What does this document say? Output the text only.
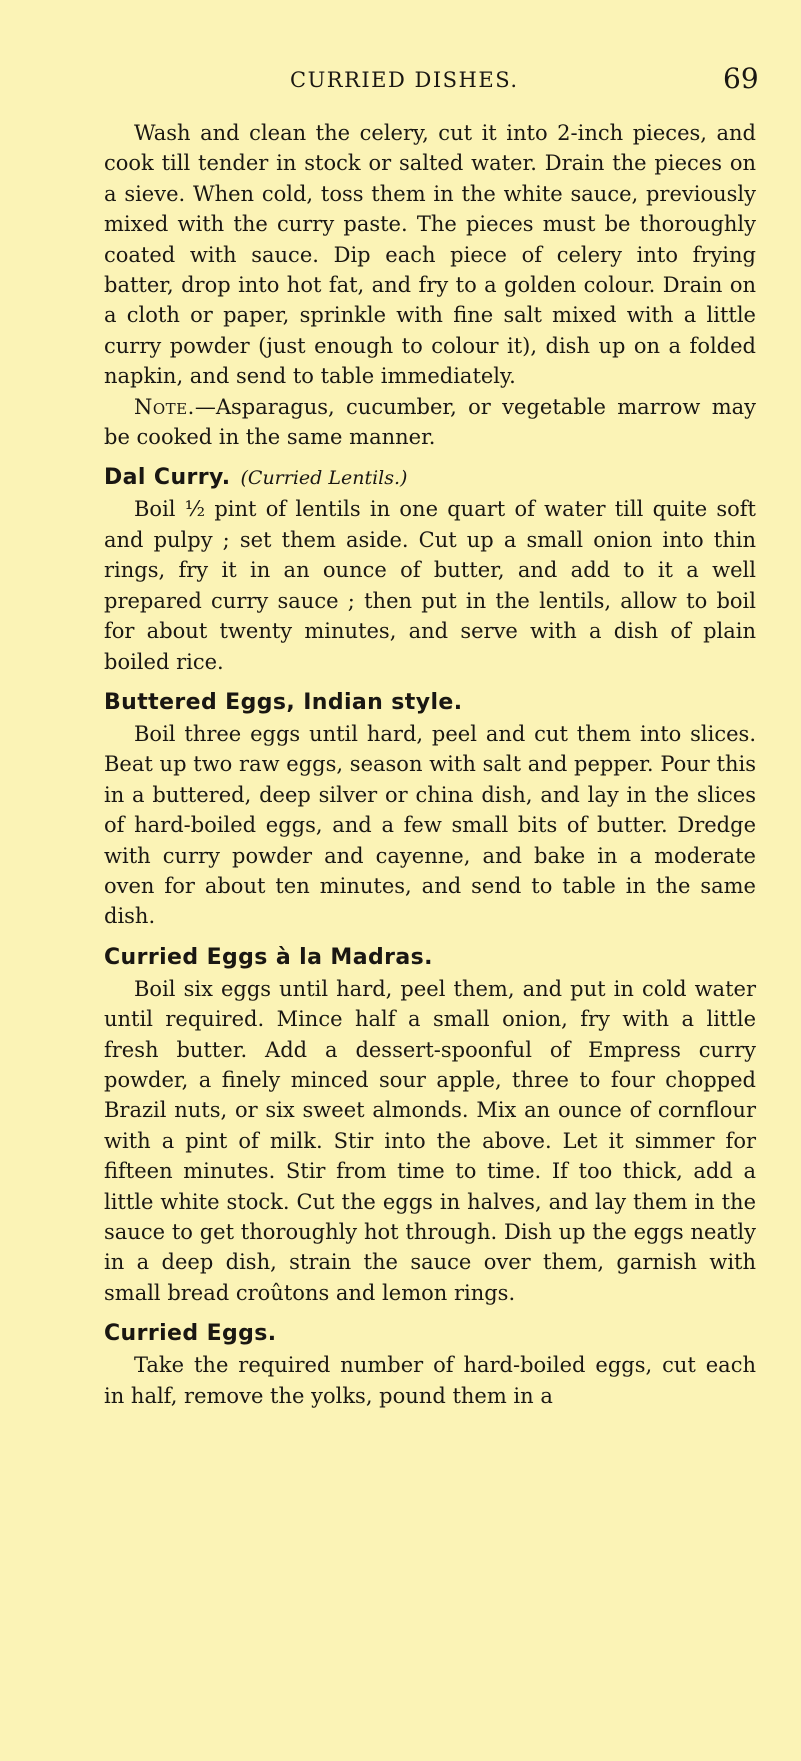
CURRIED DISHES.	69

Wash and clean the celery, cut it into 2-inch pieces, and cook till tender in stock or salted water. Drain the pieces on a sieve. When cold, toss them in the white sauce, previously mixed with the curry paste. The pieces must be thoroughly coated with sauce. Dip each piece of celery into frying batter, drop into hot fat, and fry to a golden colour. Drain on a cloth or paper, sprinkle with fine salt mixed with a little curry powder (just enough to colour it), dish up on a folded napkin, and send to table immediately.

Note.—Asparagus, cucumber, or vegetable marrow may be cooked in the same manner.

Dal Curry. (Curried Lentils.)

Boil ½ pint of lentils in one quart of water till quite soft and pulpy ; set them aside. Cut up a small onion into thin rings, fry it in an ounce of butter, and add to it a well prepared curry sauce ; then put in the lentils, allow to boil for about twenty minutes, and serve with a dish of plain boiled rice.

Buttered Eggs, Indian style.

Boil three eggs until hard, peel and cut them into slices. Beat up two raw eggs, season with salt and pepper. Pour this in a buttered, deep silver or china dish, and lay in the slices of hard-boiled eggs, and a few small bits of butter. Dredge with curry powder and cayenne, and bake in a moderate oven for about ten minutes, and send to table in the same dish.

Curried Eggs à la Madras.

Boil six eggs until hard, peel them, and put in cold water until required. Mince half a small onion, fry with a little fresh butter. Add a dessert-spoonful of Empress curry powder, a finely minced sour apple, three to four chopped Brazil nuts, or six sweet almonds. Mix an ounce of cornflour with a pint of milk. Stir into the above. Let it simmer for fifteen minutes. Stir from time to time. If too thick, add a little white stock. Cut the eggs in halves, and lay them in the sauce to get thoroughly hot through. Dish up the eggs neatly in a deep dish, strain the sauce over them, garnish with small bread croûtons and lemon rings.

Curried Eggs.

Take the required number of hard-boiled eggs, cut each in half, remove the yolks, pound them in a
